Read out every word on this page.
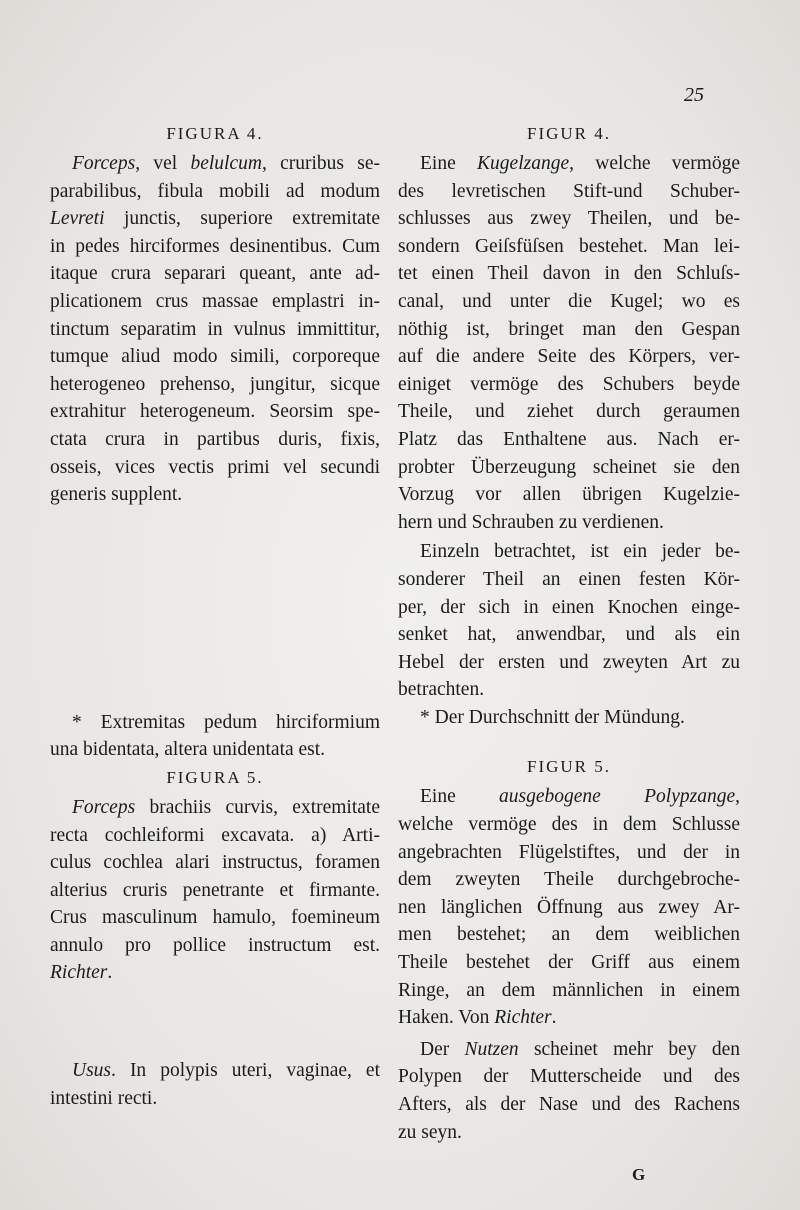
25
FIGURA 4.
Forceps, vel belulcum, cruribus se-
parabilibus, fibula mobili ad modum
Levreti junctis, superiore extremitate
in pedes hirciformes desinentibus. Cum
itaque crura separari queant, ante ad-
plicationem crus massae emplastri in-
tinctum separatim in vulnus immittitur,
tumque aliud modo simili, corporeque
heterogeneo prehenso, jungitur, sicque
extrahitur heterogeneum. Seorsim spe-
ctata crura in partibus duris, fixis,
osseis, vices vectis primi vel secundi
generis supplent.
* Extremitas pedum hirciformium
una bidentata, altera unidentata est.
FIGURA 5.
Forceps brachiis curvis, extremitate
recta cochleiformi excavata. a) Arti-
culus cochlea alari instructus, foramen
alterius cruris penetrante et firmante.
Crus masculinum hamulo, foemineum
annulo pro pollice instructum est.
Richter.
Usus. In polypis uteri, vaginae, et
intestini recti.
FIGUR 4.
Eine Kugelzange, welche vermöge
des levretischen Stift-und Schuber-
schlusses aus zwey Theilen, und be-
sondern Geiſsfüſsen bestehet. Man lei-
tet einen Theil davon in den Schluſs-
canal, und unter die Kugel; wo es
nöthig ist, bringet man den Gespan
auf die andere Seite des Körpers, ver-
einiget vermöge des Schubers beyde
Theile, und ziehet durch geraumen
Platz das Enthaltene aus. Nach er-
probter Überzeugung scheinet sie den
Vorzug vor allen übrigen Kugelzie-
hern und Schrauben zu verdienen.
Einzeln betrachtet, ist ein jeder be-
sonderer Theil an einen festen Kör-
per, der sich in einen Knochen einge-
senket hat, anwendbar, und als ein
Hebel der ersten und zweyten Art zu
betrachten.
* Der Durchschnitt der Mündung.
FIGUR 5.
Eine ausgebogene Polypzange,
welche vermöge des in dem Schlusse
angebrachten Flügelstiftes, und der in
dem zweyten Theile durchgebroche-
nen länglichen Öffnung aus zwey Ar-
men bestehet; an dem weiblichen
Theile bestehet der Griff aus einem
Ringe, an dem männlichen in einem
Haken. Von Richter.
Der Nutzen scheinet mehr bey den
Polypen der Mutterscheide und des
Afters, als der Nase und des Rachens
zu seyn.
G
